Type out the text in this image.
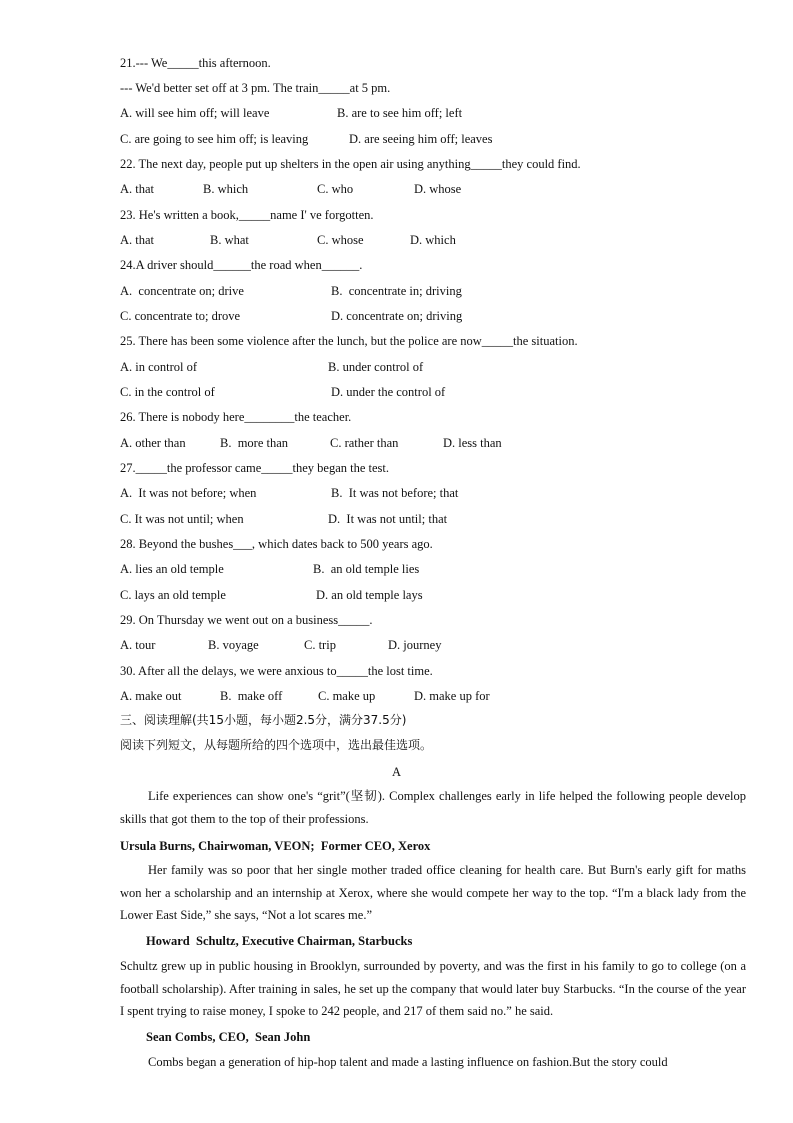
21.--- We_____this afternoon.
--- We'd better set off at 3 pm. The train_____at 5 pm.
A. will see him off; will leave	B. are to see him off; left
C. are going to see him off; is leaving	D. are seeing him off; leaves
22. The next day, people put up shelters in the open air using anything_____they could find.
A. that	B. which	C. who	D. whose
23. He's written a book,_____name I' ve forgotten.
A. that	B. what	C. whose	D. which
24.A driver should______the road when______.
A.  concentrate on; drive	B.  concentrate in; driving
C. concentrate to; drove	D. concentrate on; driving
25. There has been some violence after the lunch, but the police are now_____the situation.
A. in control of	B. under control of
C. in the control of	D. under the control of
26. There is nobody here________the teacher.
A. other than	B.  more than	C. rather than	D. less than
27._____the professor came_____they began the test.
A.  It was not before; when	B.  It was not before; that
C. It was not until; when	D.  It was not until; that
28. Beyond the bushes___, which dates back to 500 years ago.
A. lies an old temple	B.  an old temple lies
C. lays an old temple	D. an old temple lays
29. On Thursday we went out on a business_____.
A. tour	B. voyage	C. trip	D. journey
30. After all the delays, we were anxious to_____the lost time.
A. make out	B.  make off	C. make up	D. make up for
三、阅读理解(共15小题，每小题2.5分，满分37.5分)
阅读下列短文，从每题所给的四个选项中，选出最佳选项。
A
Life experiences can show one's “grit”(坚韧). Complex challenges early in life helped the following people develop skills that got them to the top of their professions.
Ursula Burns, Chairwoman, VEON;  Former CEO, Xerox
Her family was so poor that her single mother traded office cleaning for health care. But Burn's early gift for maths won her a scholarship and an internship at Xerox, where she would compete her way to the top. “I'm a black lady from the Lower East Side,” she says, “Not a lot scares me.”
Howard  Schultz, Executive Chairman, Starbucks
Schultz grew up in public housing in Brooklyn, surrounded by poverty, and was the first in his family to go to college (on a football scholarship). After training in sales, he set up the company that would later buy Starbucks. “In the course of the year I spent trying to raise money, I spoke to 242 people, and 217 of them said no.” he said.
Sean Combs, CEO,  Sean John
Combs began a generation of hip-hop talent and made a lasting influence on fashion.But the story could
